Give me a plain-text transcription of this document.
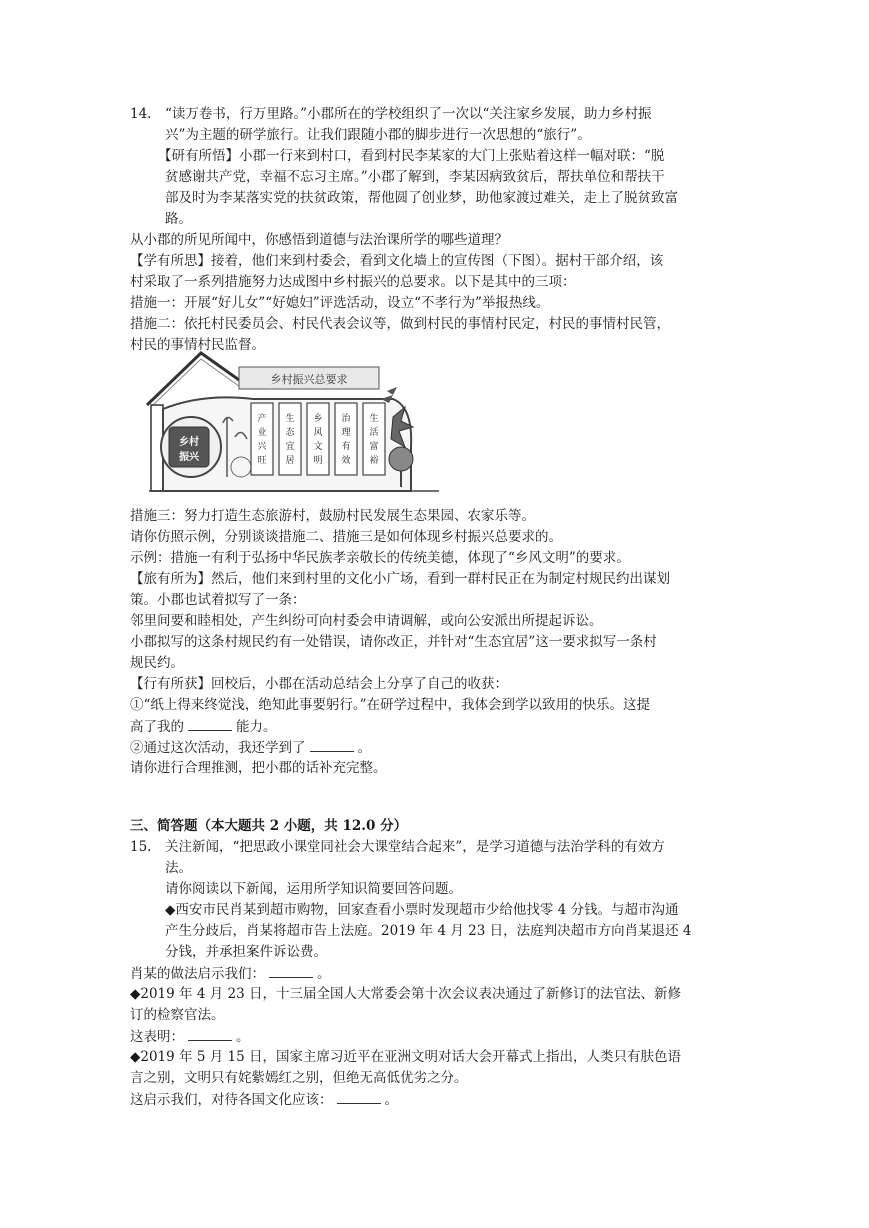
14. “读万卷书，行万里路。”小郡所在的学校组织了一次以“关注家乡发展，助力乡村振
兴”为主题的研学旅行。让我们跟随小郡的脚步进行一次思想的“旅行”。
【研有所悟】小郡一行来到村口，看到村民李某家的大门上张贴着这样一幅对联：“脱
贫感谢共产党，幸福不忘习主席。”小郡了解到，李某因病致贫后，帮扶单位和帮扶干
部及时为李某落实党的扶贫政策，帮他圆了创业梦，助他家渡过难关，走上了脱贫致富
路。
从小郡的所见所闻中，你感悟到道德与法治课所学的哪些道理？
【学有所思】接着，他们来到村委会，看到文化墙上的宣传图（下图）。据村干部介绍，该
村采取了一系列措施努力达成图中乡村振兴的总要求。以下是其中的三项：
措施一：开展“好儿女”“好媳妇”评选活动，设立“不孝行为”举报热线。
措施二：依托村民委员会、村民代表会议等，做到村民的事情村民定，村民的事情村民管，
村民的事情村民监督。
乡村振兴总要求
乡村
振兴
产
业
兴
旺
生
态
宜
居
乡
风
文
明
治
理
有
效
生
活
富
裕
措施三：努力打造生态旅游村，鼓励村民发展生态果园、农家乐等。
请你仿照示例，分别谈谈措施二、措施三是如何体现乡村振兴总要求的。
示例：措施一有利于弘扬中华民族孝亲敬长的传统美德，体现了“乡风文明”的要求。
【旅有所为】然后，他们来到村里的文化小广场，看到一群村民正在为制定村规民约出谋划
策。小郡也试着拟写了一条：
邻里间要和睦相处，产生纠纷可向村委会申请调解，或向公安派出所提起诉讼。
小郡拟写的这条村规民约有一处错误，请你改正，并针对“生态宜居”这一要求拟写一条村
规民约。
【行有所获】回校后，小郡在活动总结会上分享了自己的收获：
①“纸上得来终觉浅，绝知此事要躬行。”在研学过程中，我体会到学以致用的快乐。这提
高了我的	能力。
②通过这次活动，我还学到了	。
请你进行合理推测，把小郡的话补充完整。
三、简答题（本大题共 2 小题，共 12.0 分）
15. 关注新闻，“把思政小课堂同社会大课堂结合起来”，是学习道德与法治学科的有效方
法。
请你阅读以下新闻，运用所学知识简要回答问题。
◆西安市民肖某到超市购物，回家查看小票时发现超市少给他找零 4 分钱。与超市沟通
产生分歧后，肖某将超市告上法庭。2019 年 4 月 23 日，法庭判决超市方向肖某退还 4
分钱，并承担案件诉讼费。
肖某的做法启示我们：	。
◆2019 年 4 月 23 日，十三届全国人大常委会第十次会议表决通过了新修订的法官法、新修
订的检察官法。
这表明：	。
◆2019 年 5 月 15 日，国家主席习近平在亚洲文明对话大会开幕式上指出，人类只有肤色语
言之别，文明只有姹紫嫣红之别，但绝无高低优劣之分。
这启示我们，对待各国文化应该：	。
